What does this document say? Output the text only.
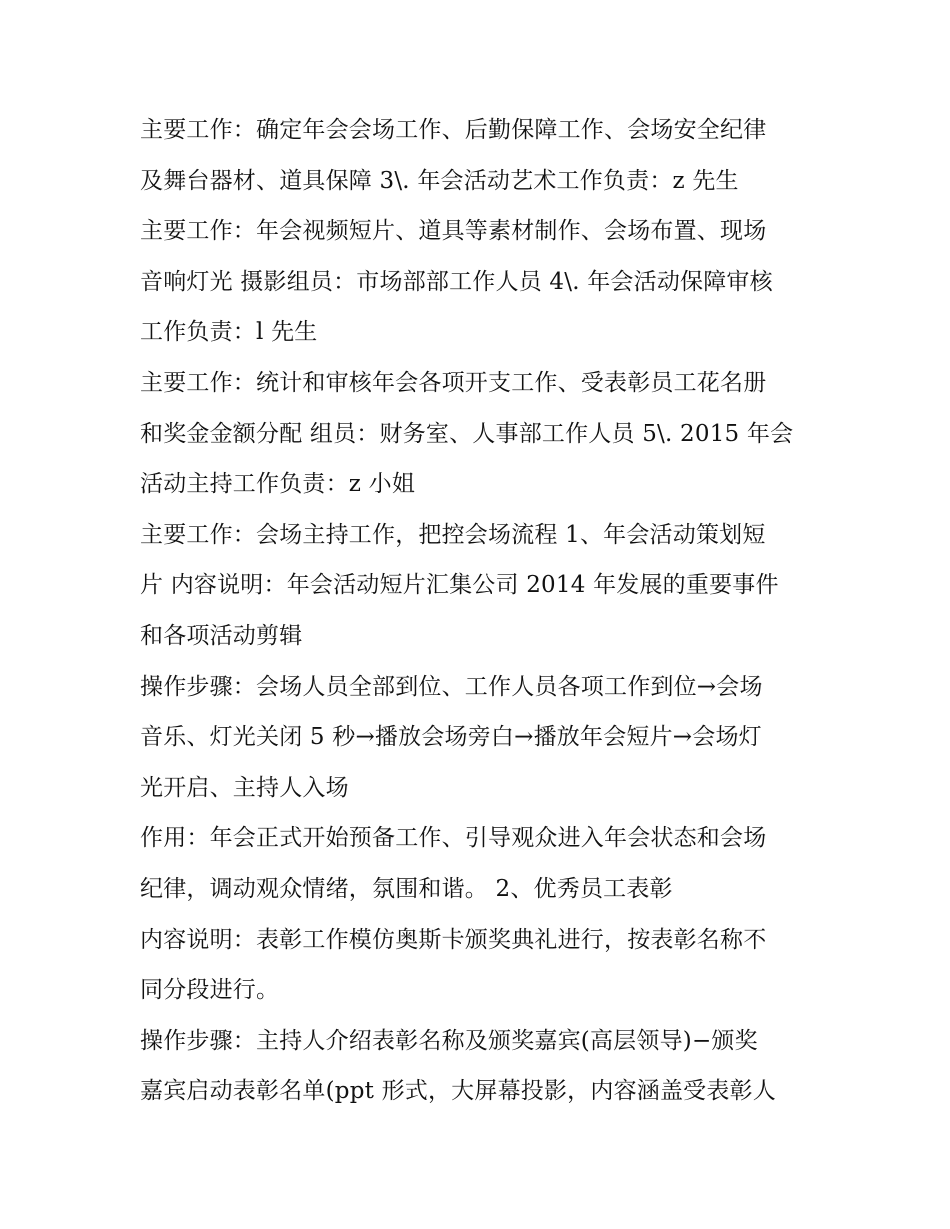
主要工作：确定年会会场工作、后勤保障工作、会场安全纪律
及舞台器材、道具保障 3\. 年会活动艺术工作负责：z 先生
主要工作：年会视频短片、道具等素材制作、会场布置、现场
音响灯光 摄影组员：市场部部工作人员 4\. 年会活动保障审核
工作负责：l 先生
主要工作：统计和审核年会各项开支工作、受表彰员工花名册
和奖金金额分配 组员：财务室、人事部工作人员 5\. 2015 年会
活动主持工作负责：z 小姐
主要工作：会场主持工作，把控会场流程 1、年会活动策划短
片 内容说明：年会活动短片汇集公司 2014 年发展的重要事件
和各项活动剪辑
操作步骤：会场人员全部到位、工作人员各项工作到位→会场
音乐、灯光关闭 5 秒→播放会场旁白→播放年会短片→会场灯
光开启、主持人入场
作用：年会正式开始预备工作、引导观众进入年会状态和会场
纪律，调动观众情绪，氛围和谐。 2、优秀员工表彰
内容说明：表彰工作模仿奥斯卡颁奖典礼进行，按表彰名称不
同分段进行。
操作步骤：主持人介绍表彰名称及颁奖嘉宾(高层领导)−颁奖
嘉宾启动表彰名单(ppt 形式，大屏幕投影，内容涵盖受表彰人
